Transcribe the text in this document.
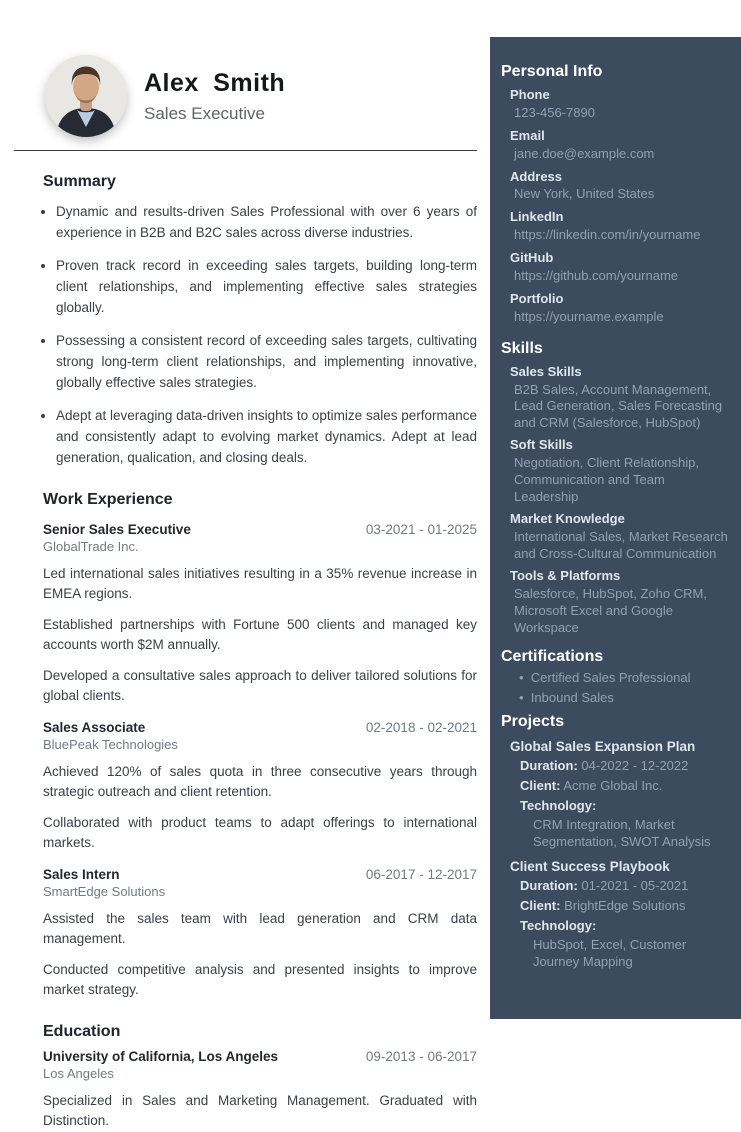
Alex Smith
Sales Executive
Summary
• Dynamic and results-driven Sales Professional with over 6 years of experience in B2B and B2C sales across diverse industries.
• Proven track record in exceeding sales targets, building long-term client relationships, and implementing effective sales strategies globally.
• Possessing a consistent record of exceeding sales targets, cultivating strong long-term client relationships, and implementing innovative, globally effective sales strategies.
• Adept at leveraging data-driven insights to optimize sales performance and consistently adapt to evolving market dynamics. Adept at lead generation, qualication, and closing deals.
Work Experience
Senior Sales Executive	03-2021 - 01-2025
GlobalTrade Inc.

Led international sales initiatives resulting in a 35% revenue increase in EMEA regions.

Established partnerships with Fortune 500 clients and managed key accounts worth $2M annually.

Developed a consultative sales approach to deliver tailored solutions for global clients.

Sales Associate	02-2018 - 02-2021
BluePeak Technologies

Achieved 120% of sales quota in three consecutive years through strategic outreach and client retention.

Collaborated with product teams to adapt offerings to international markets.

Sales Intern	06-2017 - 12-2017
SmartEdge Solutions

Assisted the sales team with lead generation and CRM data management.

Conducted competitive analysis and presented insights to improve market strategy.

Education
University of California, Los Angeles	09-2013 - 06-2017
Los Angeles

Specialized in Sales and Marketing Management. Graduated with Distinction.

Personal Info
Phone
123-456-7890
Email
jane.doe@example.com
Address
New York, United States
LinkedIn
https://linkedin.com/in/yourname
GitHub
https://github.com/yourname
Portfolio
https://yourname.example
Skills
Sales Skills
B2B Sales, Account Management, Lead Generation, Sales Forecasting and CRM (Salesforce, HubSpot)
Soft Skills
Negotiation, Client Relationship, Communication and Team Leadership
Market Knowledge
International Sales, Market Research and Cross-Cultural Communication
Tools & Platforms
Salesforce, HubSpot, Zoho CRM, Microsoft Excel and Google Workspace
Certifications
•  Certified Sales Professional
•  Inbound Sales
Projects
Global Sales Expansion Plan
Duration: 04-2022 - 12-2022
Client: Acme Global Inc.
Technology:
CRM Integration, Market Segmentation, SWOT Analysis
Client Success Playbook
Duration: 01-2021 - 05-2021
Client: BrightEdge Solutions
Technology:
HubSpot, Excel, Customer Journey Mapping
